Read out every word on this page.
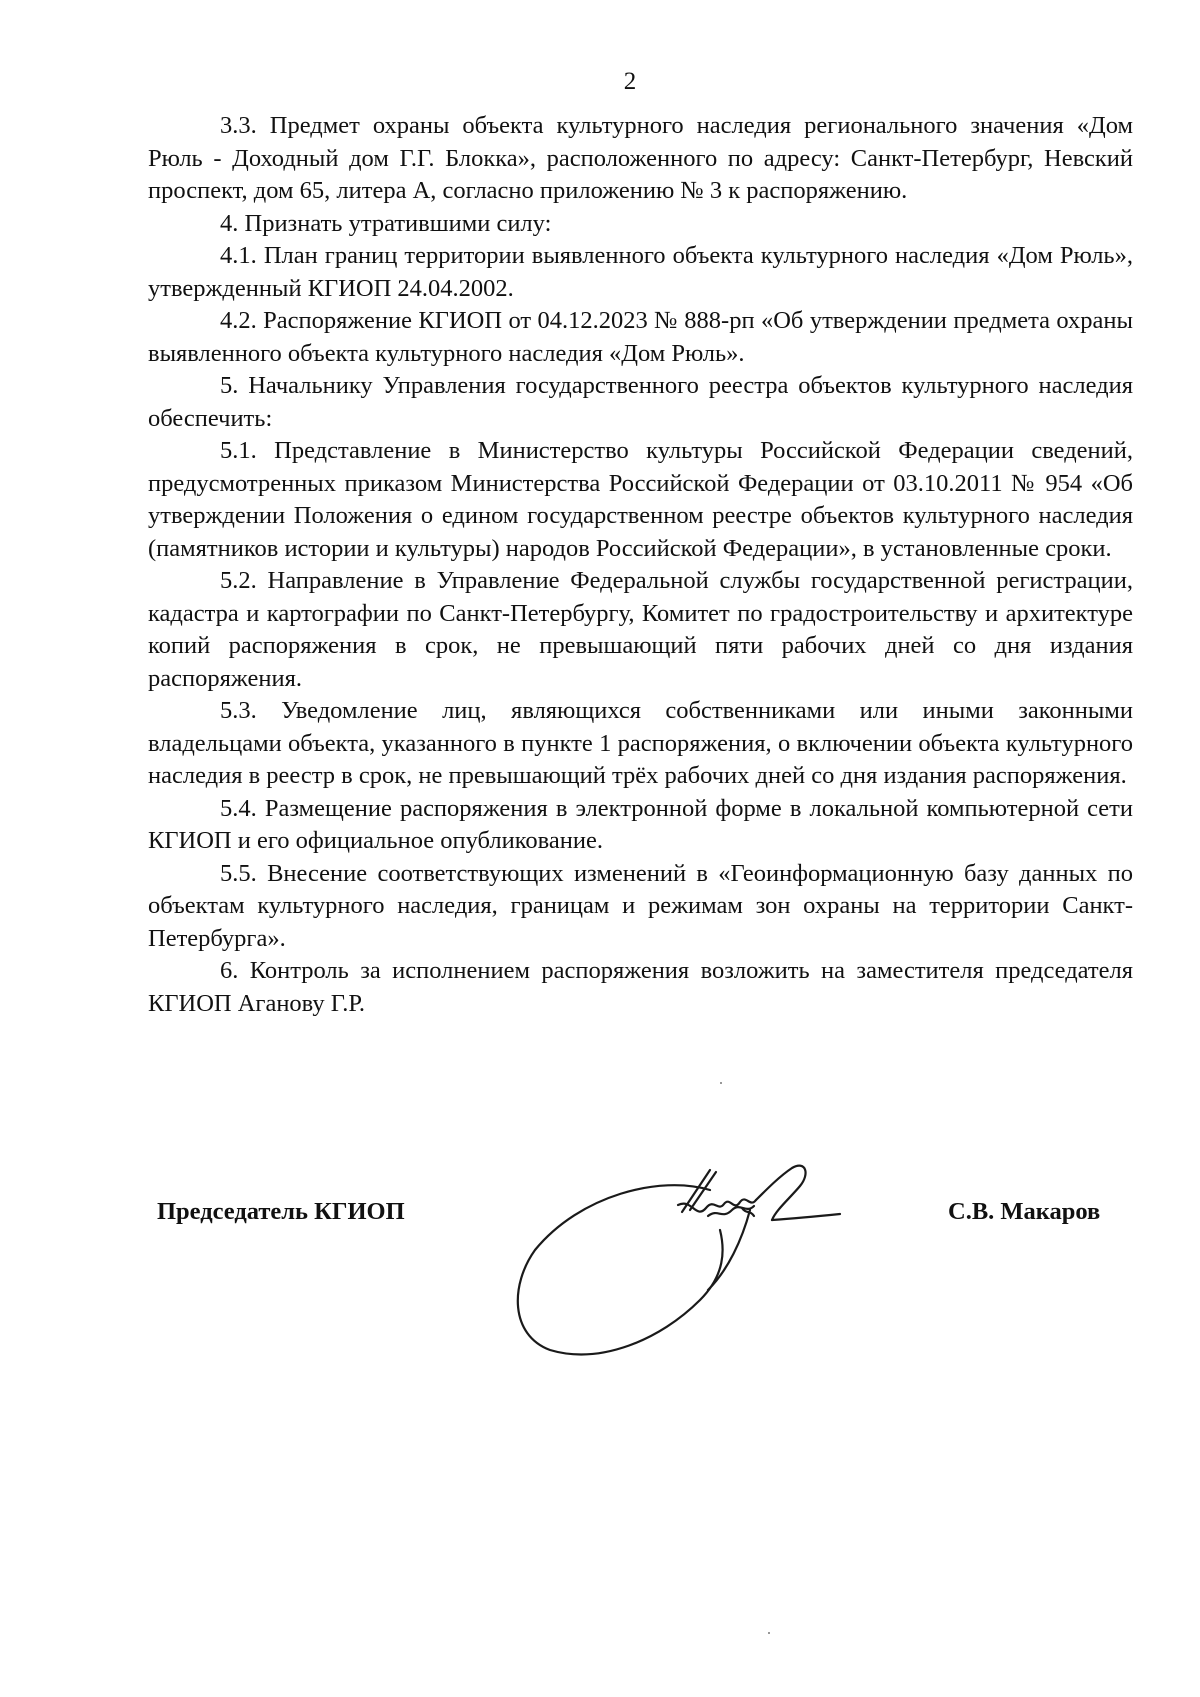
2

3.3. Предмет охраны объекта культурного наследия регионального значения «Дом Рюль - Доходный дом Г.Г. Блокка», расположенного по адресу: Санкт-Петербург, Невский проспект, дом 65, литера А, согласно приложению № 3 к распоряжению.

4. Признать утратившими силу:

4.1. План границ территории выявленного объекта культурного наследия «Дом Рюль», утвержденный КГИОП 24.04.2002.

4.2. Распоряжение КГИОП от 04.12.2023 № 888-рп «Об утверждении предмета охраны выявленного объекта культурного наследия «Дом Рюль».

5. Начальнику Управления государственного реестра объектов культурного наследия обеспечить:

5.1. Представление в Министерство культуры Российской Федерации сведений, предусмотренных приказом Министерства Российской Федерации от 03.10.2011 № 954 «Об утверждении Положения о едином государственном реестре объектов культурного наследия (памятников истории и культуры) народов Российской Федерации», в установленные сроки.

5.2. Направление в Управление Федеральной службы государственной регистрации, кадастра и картографии по Санкт-Петербургу, Комитет по градостроительству и архитектуре копий распоряжения в срок, не превышающий пяти рабочих дней со дня издания распоряжения.

5.3. Уведомление лиц, являющихся собственниками или иными законными владельцами объекта, указанного в пункте 1 распоряжения, о включении объекта культурного наследия в реестр в срок, не превышающий трёх рабочих дней со дня издания распоряжения.

5.4. Размещение распоряжения в электронной форме в локальной компьютерной сети КГИОП и его официальное опубликование.

5.5. Внесение соответствующих изменений в «Геоинформационную базу данных по объектам культурного наследия, границам и режимам зон охраны на территории Санкт-Петербурга».

6. Контроль за исполнением распоряжения возложить на заместителя председателя КГИОП Аганову Г.Р.

Председатель КГИОП	С.В. Макаров
